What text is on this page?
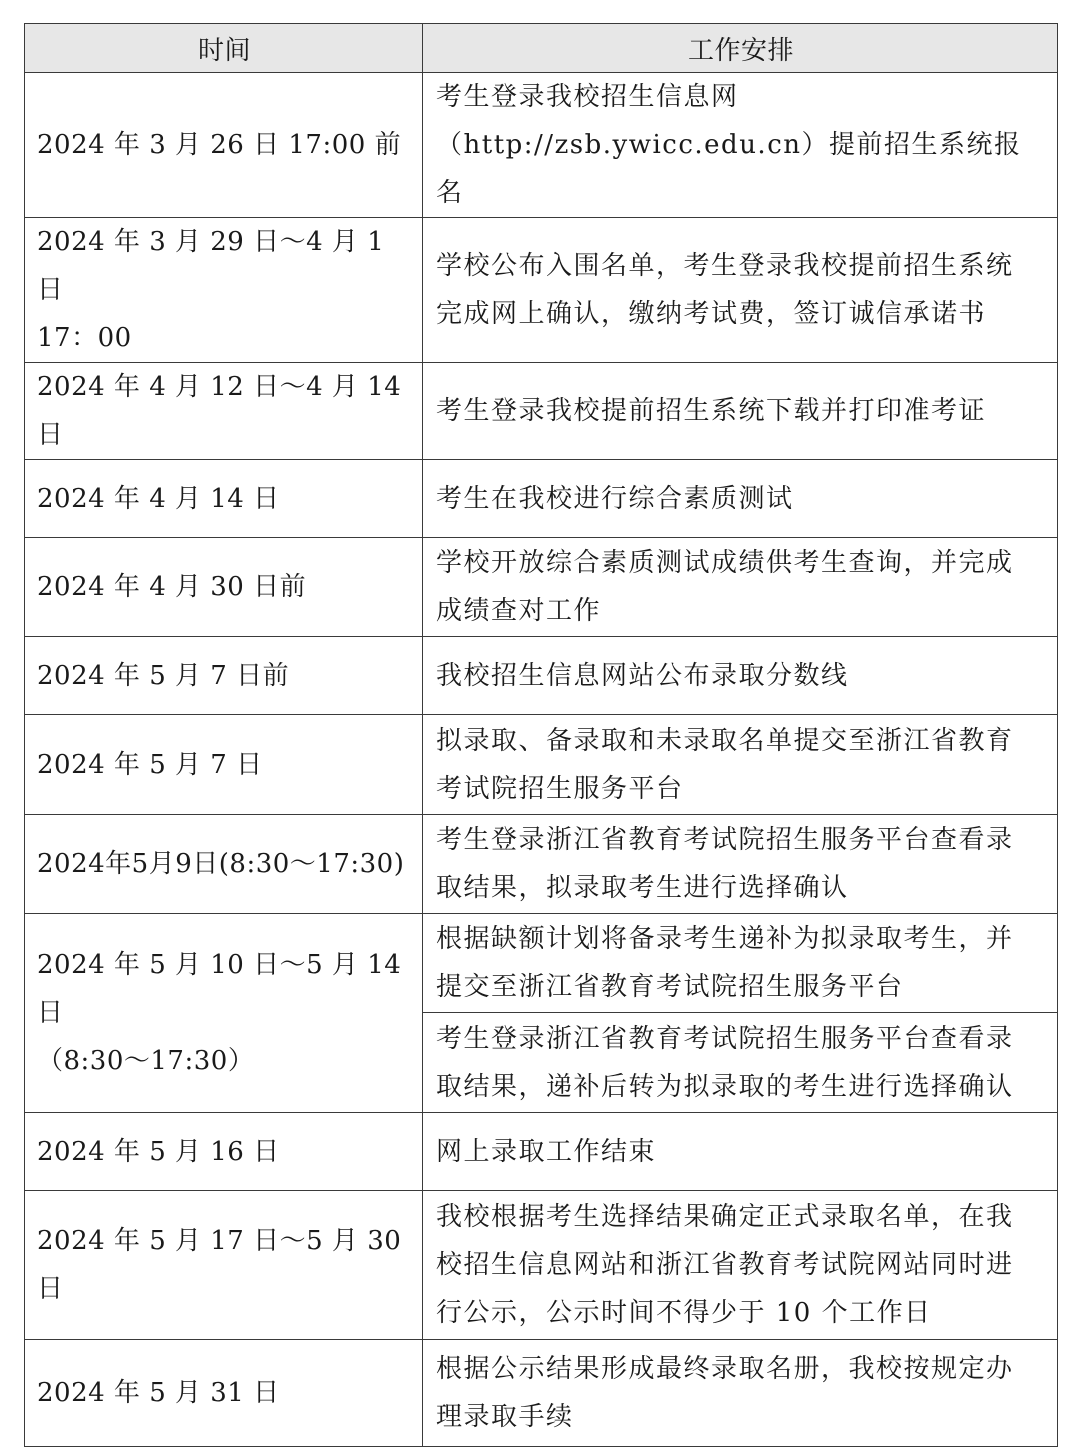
时间	工作安排
2024 年 3 月 26 日 17:00 前	考生登录我校招生信息网
（http://zsb.ywicc.edu.cn）提前招生系统报名
2024 年 3 月 29 日～4 月 1 日
17：00	学校公布入围名单，考生登录我校提前招生系统
完成网上确认，缴纳考试费，签订诚信承诺书
2024 年 4 月 12 日～4 月 14 日	考生登录我校提前招生系统下载并打印准考证
2024 年 4 月 14 日	考生在我校进行综合素质测试
2024 年 4 月 30 日前	学校开放综合素质测试成绩供考生查询，并完成
成绩查对工作
2024 年 5 月 7 日前	我校招生信息网站公布录取分数线
2024 年 5 月 7 日	拟录取、备录取和未录取名单提交至浙江省教育
考试院招生服务平台
2024年5月9日(8:30～17:30)	考生登录浙江省教育考试院招生服务平台查看录
取结果，拟录取考生进行选择确认
2024 年 5 月 10 日～5 月 14 日
（8:30～17:30）	根据缺额计划将备录考生递补为拟录取考生，并
提交至浙江省教育考试院招生服务平台
	考生登录浙江省教育考试院招生服务平台查看录
取结果，递补后转为拟录取的考生进行选择确认
2024 年 5 月 16 日	网上录取工作结束
2024 年 5 月 17 日～5 月 30 日	我校根据考生选择结果确定正式录取名单，在我
校招生信息网站和浙江省教育考试院网站同时进
行公示，公示时间不得少于 10 个工作日
2024 年 5 月 31 日	根据公示结果形成最终录取名册，我校按规定办
理录取手续
